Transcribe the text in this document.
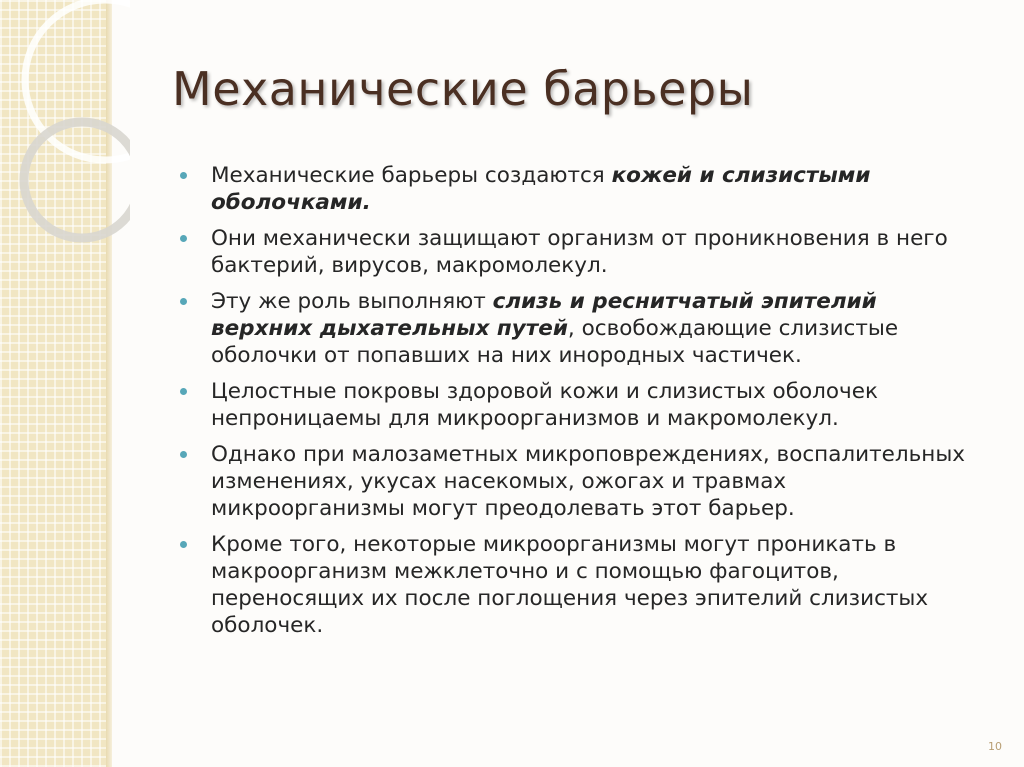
Механические барьеры
Механические барьеры создаются кожей и слизистыми оболочками.
Они механически защищают организм от проникновения в него бактерий, вирусов, макромолекул.
Эту же роль выполняют слизь и реснитчатый эпителий верхних дыхательных путей, освобождающие слизистые оболочки от попавших на них инородных частичек.
Целостные покровы здоровой кожи и слизистых оболочек непроницаемы для микроорганизмов и макромолекул.
Однако при малозаметных микроповреждениях, воспалительных изменениях, укусах насекомых, ожогах и травмах микроорганизмы могут преодолевать этот барьер.
Кроме того, некоторые микроорганизмы могут проникать в макроорганизм межклеточно и с помощью фагоцитов, переносящих их после поглощения через эпителий слизистых оболочек.
10
